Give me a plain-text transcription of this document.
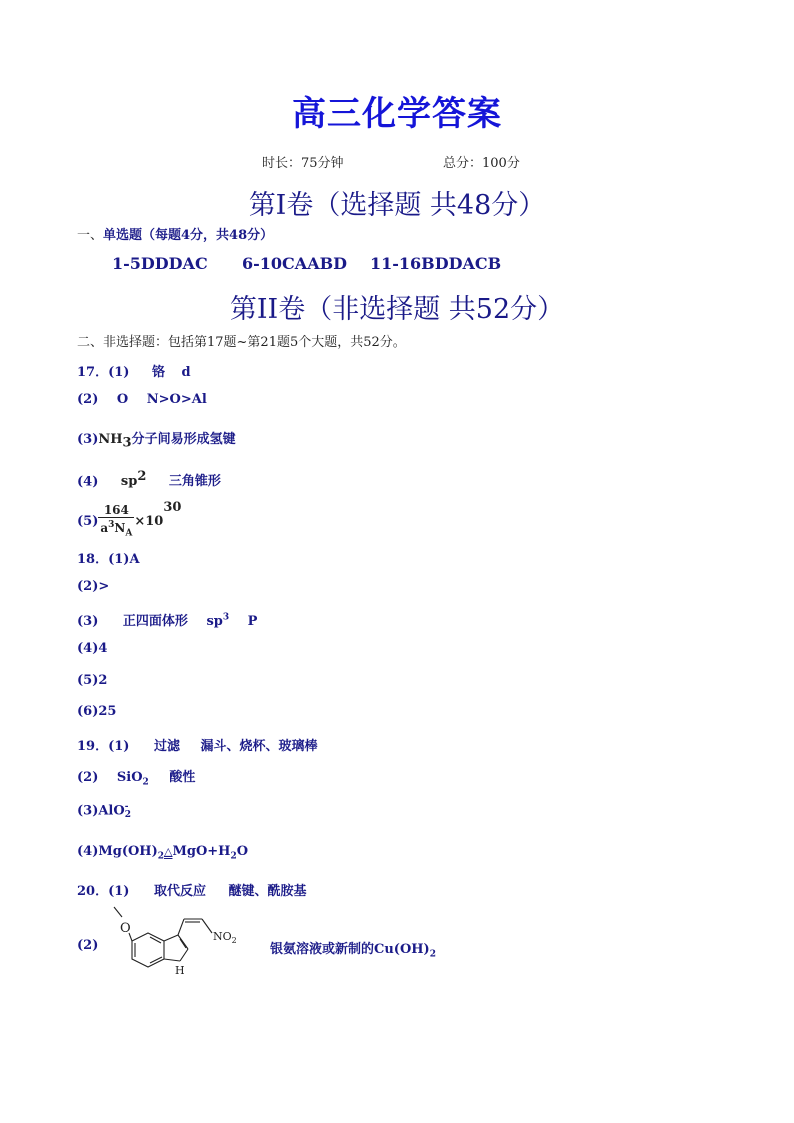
高三化学答案
时长：75分钟	总分：100分
第Ⅰ卷（选择题 共48分）
一、单选题（每题4分，共48分）
1-5DDDAC 6-10CAABD 11-16BDDACB
第II卷（非选择题 共52分）
二、非选择题：包括第17题~第21题5个大题，共52分。
17．(1) 铬 d
(2) O N>O>Al
$(3)NH_3$分子间易形成氢键
(4) $sp^2$ 三角锥形
$(5) \frac{164}{a^3N_A} \times 10^{30}$
18．(1)A
(2)>
(3) 正四面体形 $sp^3$ P
(4)4
(5)2
(6)25
19．(1) 过滤 漏斗、烧杯、玻璃棒
(2) SiO$_2$ 酸性
(3)AlO -
2
$(4)Mg(OH)_2\triangle MgO+H_2O$
20．(1) 取代反应 醚键、酰胺基
(2)
O
$NO_2$
H
银氨溶液或新制的$Cu(OH)_2$
